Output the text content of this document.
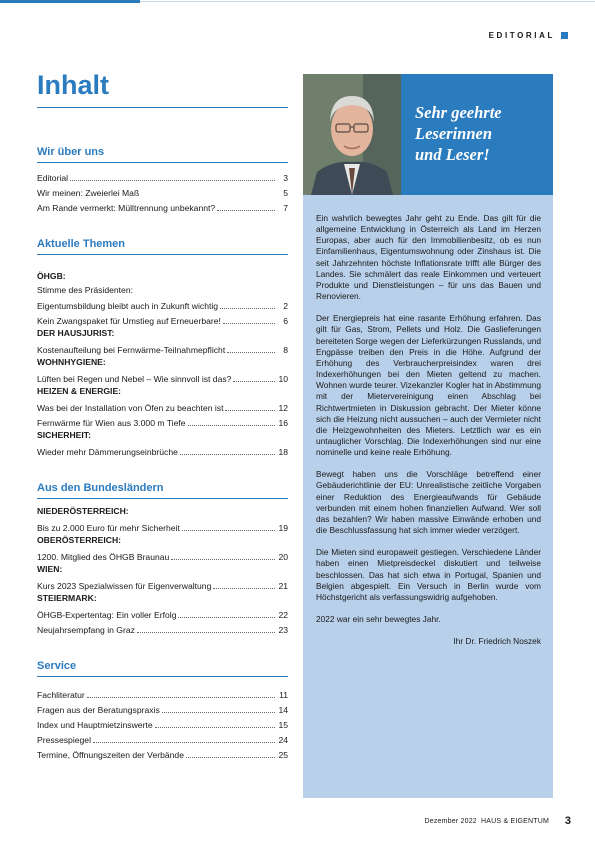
EDITORIAL
Inhalt
Wir über uns
Editorial	3
Wir meinen: Zweierlei Maß	5
Am Rande vermerkt: Mülltrennung unbekannt?	7
Aktuelle Themen
ÖHGB:
Stimme des Präsidenten:
Eigentumsbildung bleibt auch in Zukunft wichtig	2
Kein Zwangspaket für Umstieg auf Erneuerbare!	6
DER HAUSJURIST:
Kostenaufteilung bei Fernwärme-Teilnahmepflicht	8
WOHNHYGIENE:
Lüften bei Regen und Nebel – Wie sinnvoll ist das?	10
HEIZEN & ENERGIE:
Was bei der Installation von Öfen zu beachten ist	12
Fernwärme für Wien aus 3.000 m Tiefe	16
SICHERHEIT:
Wieder mehr Dämmerungseinbrüche	18
Aus den Bundesländern
NIEDERÖSTERREICH:
Bis zu 2.000 Euro für mehr Sicherheit	19
OBERÖSTERREICH:
1200. Mitglied des ÖHGB Braunau	20
WIEN:
Kurs 2023 Spezialwissen für Eigenverwaltung	21
STEIERMARK:
ÖHGB-Expertentag: Ein voller Erfolg	22
Neujahrsempfang in Graz	23
Service
Fachliteratur	11
Fragen aus der Beratungspraxis	14
Index und Hauptmietzinswerte	15
Pressespiegel	24
Termine, Öffnungszeiten der Verbände	25
Sehr geehrte
Leserinnen
und Leser!

Ein wahrlich bewegtes Jahr geht zu Ende. Das gilt für die allgemeine Entwicklung in Österreich als Land im Herzen Europas, aber auch für den Immobilienbesitz, ob es nun Einfamilienhaus, Eigentumswohnung oder Zinshaus ist. Die seit Jahrzehnten höchste Inflationsrate trifft alle Bürger des Landes. Sie schmälert das reale Einkommen und verteuert Produkte und Dienstleistungen – für uns das Bauen und Renovieren.

Der Energiepreis hat eine rasante Erhöhung erfahren. Das gilt für Gas, Strom, Pellets und Holz. Die Gaslieferungen bereiteten Sorge wegen der Lieferkürzungen Russlands, und Engpässe treiben den Preis in die Höhe. Aufgrund der Erhöhung des Verbraucherpreisindex waren drei Indexerhöhungen bei den Mieten geltend zu machen. Wohnen wurde teurer. Vizekanzler Kogler hat in Abstimmung mit der Mietervereinigung einen Abschlag bei Richtwertmieten in Diskussion gebracht. Der Mieter könne sich die Heizung nicht aussuchen – auch der Vermieter nicht die Heizgewohnheiten des Mieters. Letztlich war es ein untauglicher Vorschlag. Die Indexerhöhungen sind nur eine nominelle und keine reale Erhöhung.

Bewegt haben uns die Vorschläge betreffend einer Gebäuderichtlinie der EU: Unrealistische zeitliche Vorgaben einer Reduktion des Energieaufwands für Gebäude verbunden mit einem hohen finanziellen Aufwand. Wer soll das bezahlen? Wir haben massive Einwände erhoben und die Beschlussfassung hat sich immer wieder verzögert.

Die Mieten sind europaweit gestiegen. Verschiedene Länder haben einen Mietpreisdeckel diskutiert und teilweise beschlossen. Das hat sich etwa in Portugal, Spanien und Belgien abgespielt. Ein Versuch in Berlin wurde vom Höchstgericht als verfassungswidrig aufgehoben.

2022 war ein sehr bewegtes Jahr.

Ihr Dr. Friedrich Noszek

Dezember 2022 HAUS & EIGENTUM 3
